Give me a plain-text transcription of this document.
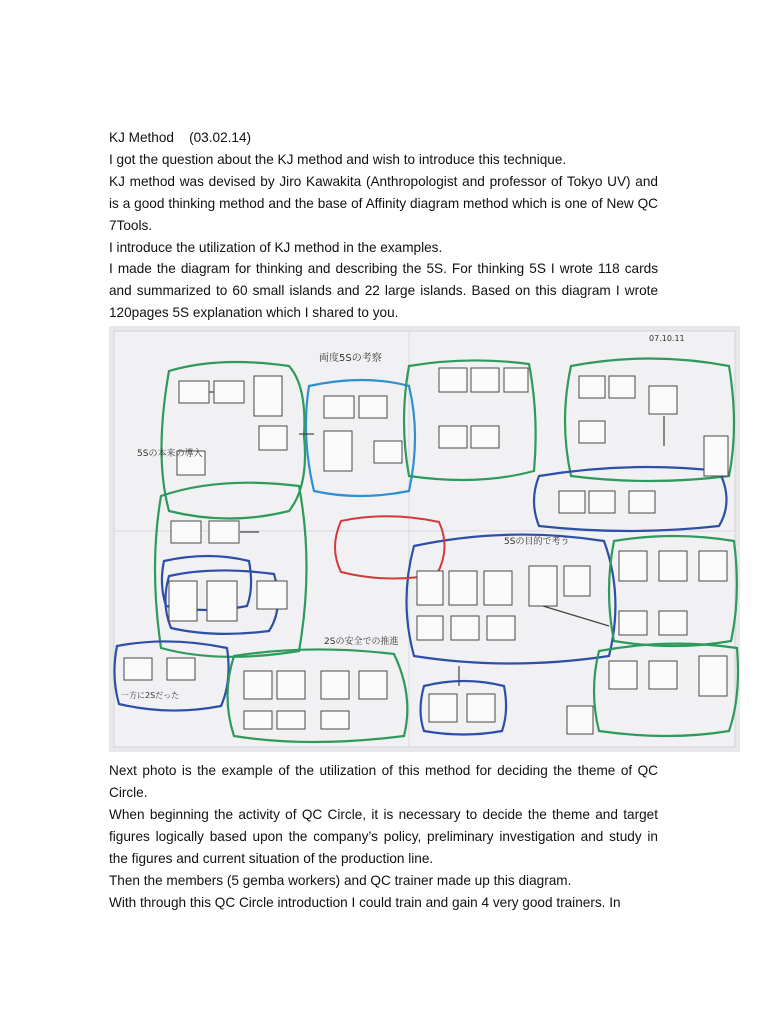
KJ Method    (03.02.14)

I got the question about the KJ method and wish to introduce this technique.

KJ method was devised by Jiro Kawakita (Anthropologist and professor of Tokyo UV) and is a good thinking method and the base of Affinity diagram method which is one of New QC 7Tools.

I introduce the utilization of KJ method in the examples.

I made the diagram for thinking and describing the 5S. For thinking 5S I wrote 118 cards and summarized to 60 small islands and 22 large islands. Based on this diagram I wrote 120pages 5S explanation which I shared to you.

両度5Sの考察
07.10.11
5Sの目的で考う
5Sの本来の導入
一方に2Sだった
2Sの安全での推進

Next photo is the example of the utilization of this method for deciding the theme of QC Circle.

When beginning the activity of QC Circle, it is necessary to decide the theme and target figures logically based upon the company’s policy, preliminary investigation and study in the figures and current situation of the production line.

Then the members (5 gemba workers) and QC trainer made up this diagram.

With through this QC Circle introduction I could train and gain 4 very good trainers. In
